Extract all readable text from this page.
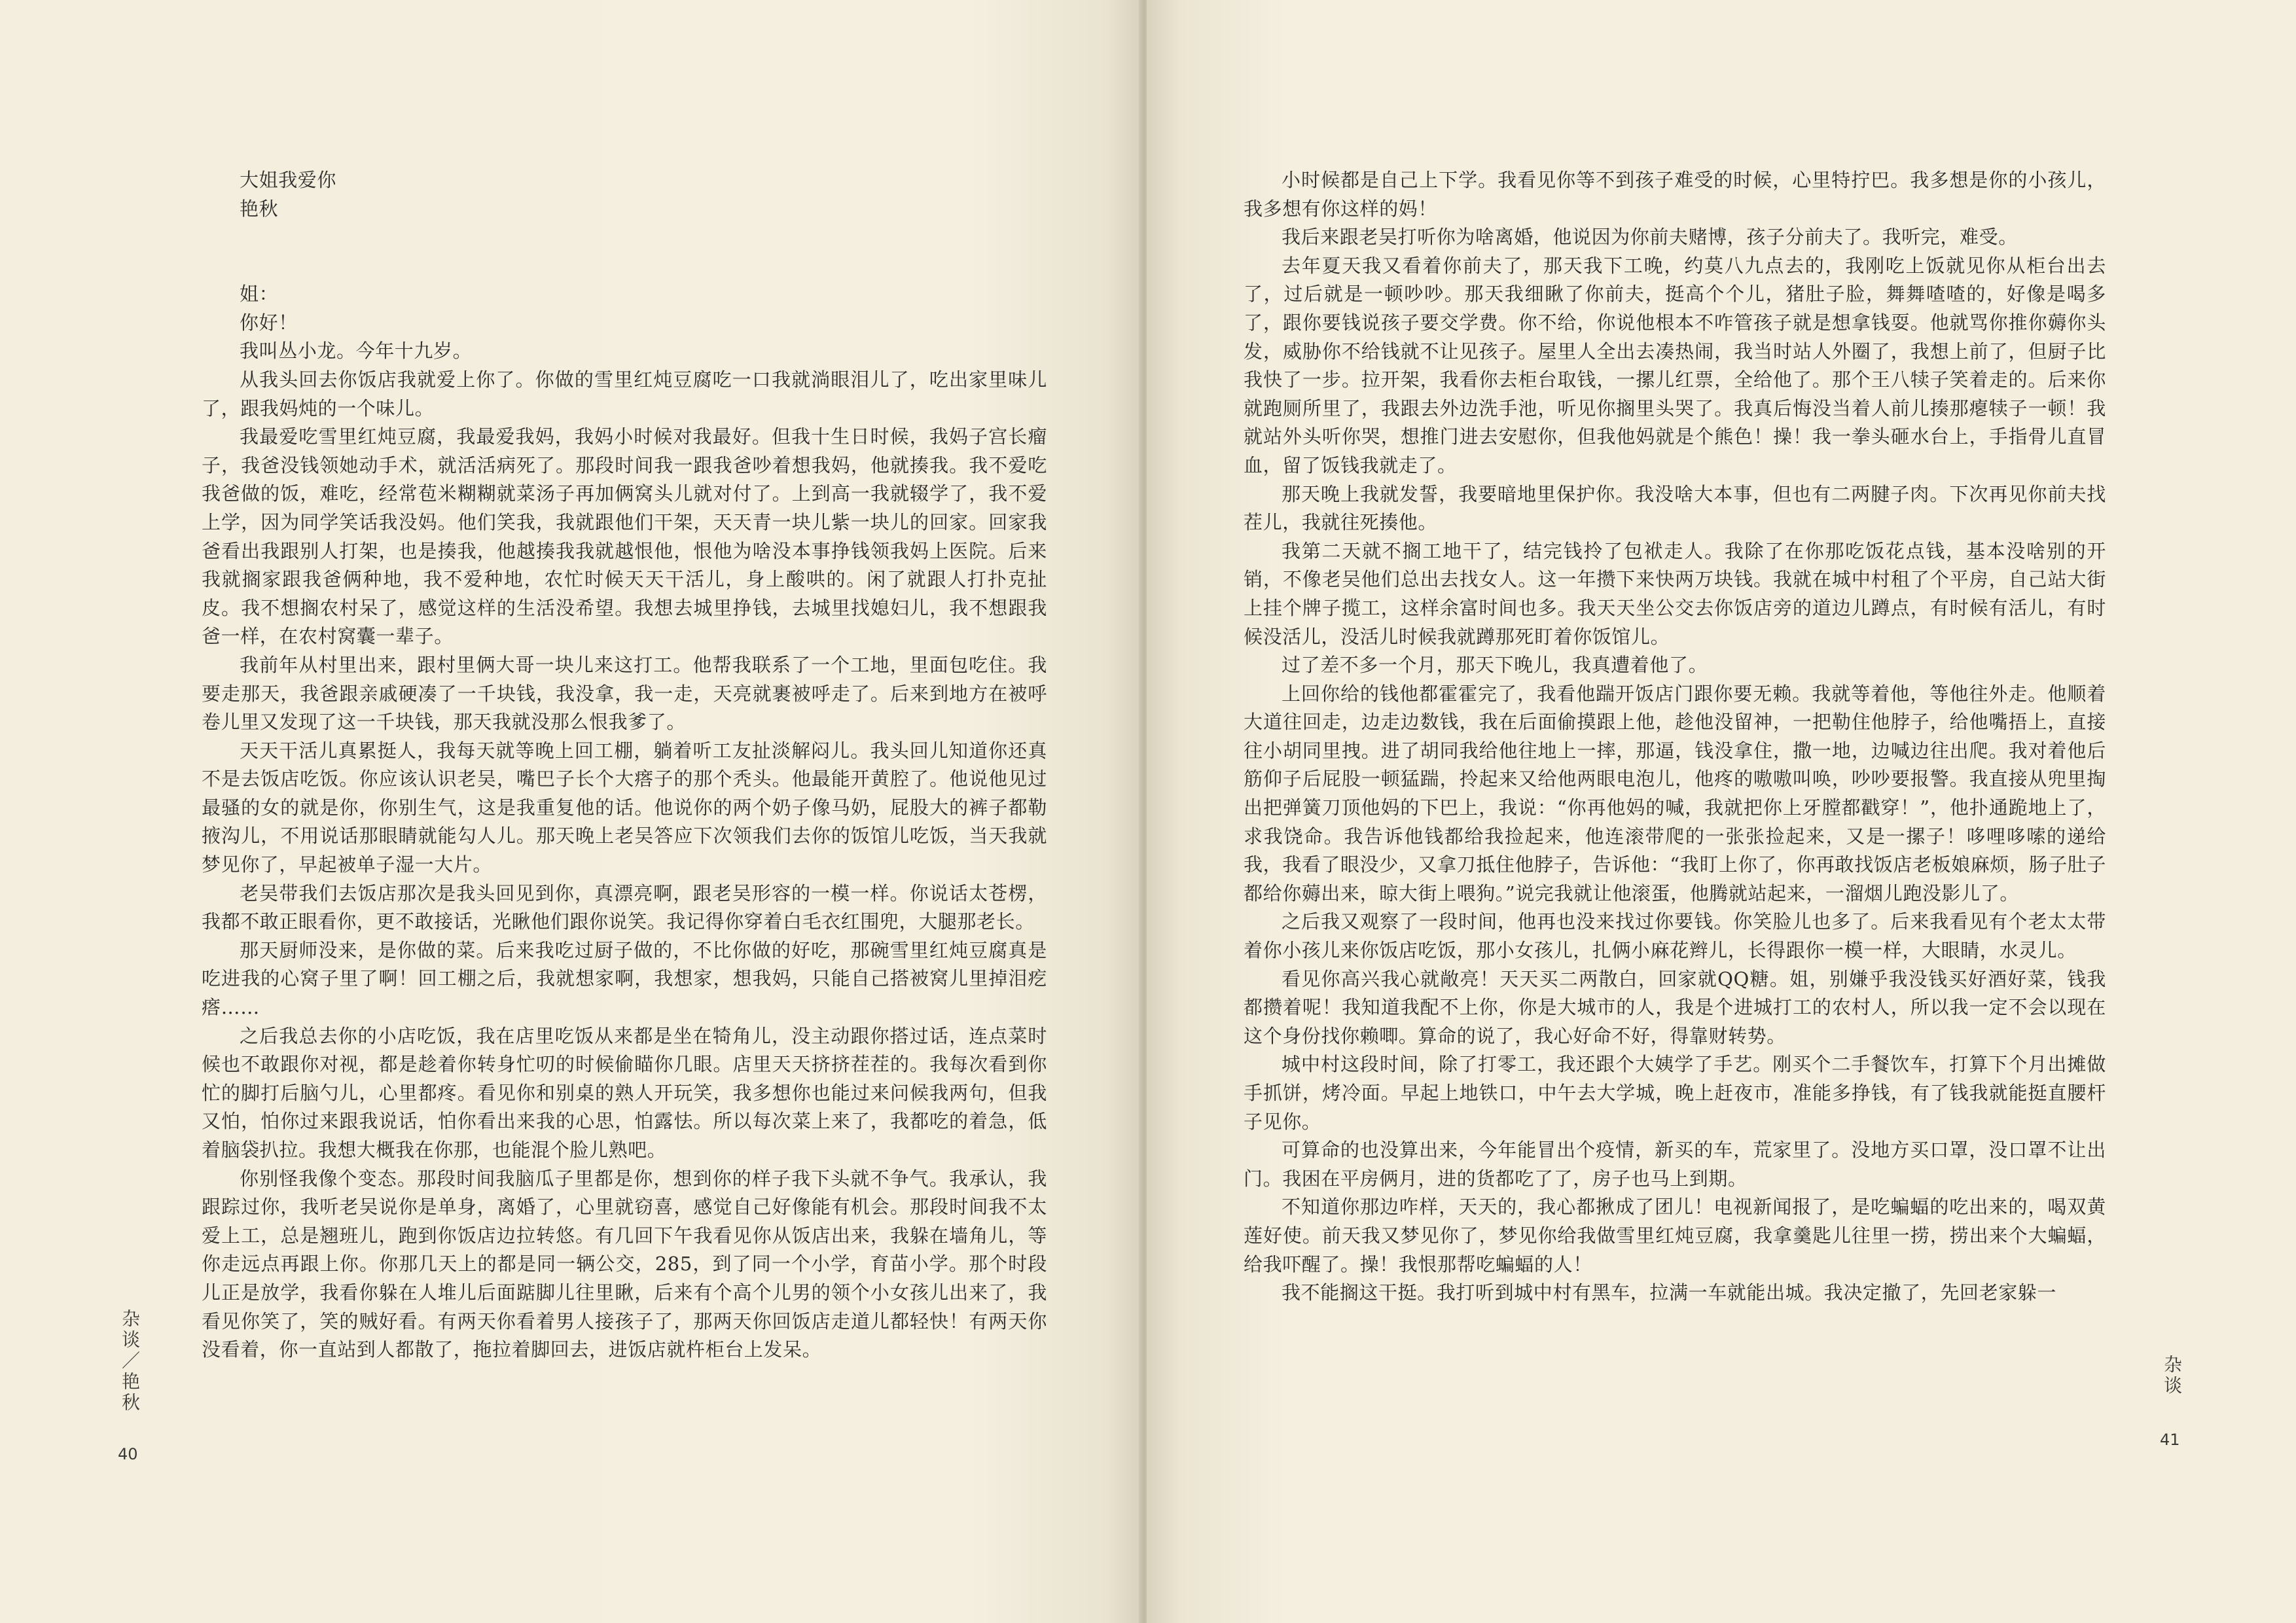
大姐我爱你

艳秋

姐：

你好！

我叫丛小龙。今年十九岁。

从我头回去你饭店我就爱上你了。你做的雪里红炖豆腐吃一口我就淌眼泪儿了，吃出家里味儿了，跟我妈炖的一个味儿。

我最爱吃雪里红炖豆腐，我最爱我妈，我妈小时候对我最好。但我十生日时候，我妈子宫长瘤子，我爸没钱领她动手术，就活活病死了。那段时间我一跟我爸吵着想我妈，他就揍我。我不爱吃我爸做的饭，难吃，经常苞米糊糊就菜汤子再加俩窝头儿就对付了。上到高一我就辍学了，我不爱上学，因为同学笑话我没妈。他们笑我，我就跟他们干架，天天青一块儿紫一块儿的回家。回家我爸看出我跟别人打架，也是揍我，他越揍我我就越恨他，恨他为啥没本事挣钱领我妈上医院。后来我就搁家跟我爸俩种地，我不爱种地，农忙时候天天干活儿，身上酸哄的。闲了就跟人打扑克扯皮。我不想搁农村呆了，感觉这样的生活没希望。我想去城里挣钱，去城里找媳妇儿，我不想跟我爸一样，在农村窝囊一辈子。

我前年从村里出来，跟村里俩大哥一块儿来这打工。他帮我联系了一个工地，里面包吃住。我要走那天，我爸跟亲戚硬凑了一千块钱，我没拿，我一走，天亮就裹被呼走了。后来到地方在被呼卷儿里又发现了这一千块钱，那天我就没那么恨我爹了。

天天干活儿真累挺人，我每天就等晚上回工棚，躺着听工友扯淡解闷儿。我头回儿知道你还真不是去饭店吃饭。你应该认识老吴，嘴巴子长个大瘩子的那个秃头。他最能开黄腔了。他说他见过最骚的女的就是你，你别生气，这是我重复他的话。他说你的两个奶子像马奶，屁股大的裤子都勒掖沟儿，不用说话那眼睛就能勾人儿。那天晚上老吴答应下次领我们去你的饭馆儿吃饭，当天我就梦见你了，早起被单子湿一大片。

老吴带我们去饭店那次是我头回见到你，真漂亮啊，跟老吴形容的一模一样。你说话太苍楞，我都不敢正眼看你，更不敢接话，光瞅他们跟你说笑。我记得你穿着白毛衣红围兜，大腿那老长。

那天厨师没来，是你做的菜。后来我吃过厨子做的，不比你做的好吃，那碗雪里红炖豆腐真是吃进我的心窝子里了啊！回工棚之后，我就想家啊，我想家，想我妈，只能自己搭被窝儿里掉泪疙瘩……

之后我总去你的小店吃饭，我在店里吃饭从来都是坐在犄角儿，没主动跟你搭过话，连点菜时候也不敢跟你对视，都是趁着你转身忙叨的时候偷瞄你几眼。店里天天挤挤茬茬的。我每次看到你忙的脚打后脑勺儿，心里都疼。看见你和别桌的熟人开玩笑，我多想你也能过来问候我两句，但我又怕，怕你过来跟我说话，怕你看出来我的心思，怕露怯。所以每次菜上来了，我都吃的着急，低着脑袋扒拉。我想大概我在你那，也能混个脸儿熟吧。

你别怪我像个变态。那段时间我脑瓜子里都是你，想到你的样子我下头就不争气。我承认，我跟踪过你，我听老吴说你是单身，离婚了，心里就窃喜，感觉自己好像能有机会。那段时间我不太爱上工，总是翘班儿，跑到你饭店边拉转悠。有几回下午我看见你从饭店出来，我躲在墙角儿，等你走远点再跟上你。你那几天上的都是同一辆公交，285，到了同一个小学，育苗小学。那个时段儿正是放学，我看你躲在人堆儿后面踮脚儿往里瞅，后来有个高个儿男的领个小女孩儿出来了，我看见你笑了，笑的贼好看。有两天你看着男人接孩子了，那两天你回饭店走道儿都轻快！有两天你没看着，你一直站到人都散了，拖拉着脚回去，进饭店就杵柜台上发呆。

杂谈／艳秋
40

小时候都是自己上下学。我看见你等不到孩子难受的时候，心里特拧巴。我多想是你的小孩儿，我多想有你这样的妈！

我后来跟老吴打听你为啥离婚，他说因为你前夫赌博，孩子分前夫了。我听完，难受。

去年夏天我又看着你前夫了，那天我下工晚，约莫八九点去的，我刚吃上饭就见你从柜台出去了，过后就是一顿吵吵。那天我细瞅了你前夫，挺高个个儿，猪肚子脸，舞舞喳喳的，好像是喝多了，跟你要钱说孩子要交学费。你不给，你说他根本不咋管孩子就是想拿钱耍。他就骂你推你薅你头发，威胁你不给钱就不让见孩子。屋里人全出去凑热闹，我当时站人外圈了，我想上前了，但厨子比我快了一步。拉开架，我看你去柜台取钱，一摞儿红票，全给他了。那个王八犊子笑着走的。后来你就跑厕所里了，我跟去外边洗手池，听见你搁里头哭了。我真后悔没当着人前儿揍那瘪犊子一顿！我就站外头听你哭，想推门进去安慰你，但我他妈就是个熊色！操！我一拳头砸水台上，手指骨儿直冒血，留了饭钱我就走了。

那天晚上我就发誓，我要暗地里保护你。我没啥大本事，但也有二两腱子肉。下次再见你前夫找茬儿，我就往死揍他。

我第二天就不搁工地干了，结完钱拎了包袱走人。我除了在你那吃饭花点钱，基本没啥别的开销，不像老吴他们总出去找女人。这一年攒下来快两万块钱。我就在城中村租了个平房，自己站大街上挂个牌子揽工，这样余富时间也多。我天天坐公交去你饭店旁的道边儿蹲点，有时候有活儿，有时候没活儿，没活儿时候我就蹲那死盯着你饭馆儿。

过了差不多一个月，那天下晚儿，我真遭着他了。

上回你给的钱他都霍霍完了，我看他踹开饭店门跟你要无赖。我就等着他，等他往外走。他顺着大道往回走，边走边数钱，我在后面偷摸跟上他，趁他没留神，一把勒住他脖子，给他嘴捂上，直接往小胡同里拽。进了胡同我给他往地上一摔，那逼，钱没拿住，撒一地，边喊边往出爬。我对着他后筋仰子后屁股一顿猛踹，拎起来又给他两眼电泡儿，他疼的嗷嗷叫唤，吵吵要报警。我直接从兜里掏出把弹簧刀顶他妈的下巴上，我说：“你再他妈的喊，我就把你上牙膛都戳穿！”，他扑通跪地上了，求我饶命。我告诉他钱都给我捡起来，他连滚带爬的一张张捡起来，又是一摞子！哆哩哆嗦的递给我，我看了眼没少，又拿刀抵住他脖子，告诉他：“我盯上你了，你再敢找饭店老板娘麻烦，肠子肚子都给你薅出来，晾大街上喂狗。”说完我就让他滚蛋，他腾就站起来，一溜烟儿跑没影儿了。

之后我又观察了一段时间，他再也没来找过你要钱。你笑脸儿也多了。后来我看见有个老太太带着你小孩儿来你饭店吃饭，那小女孩儿，扎俩小麻花辫儿，长得跟你一模一样，大眼睛，水灵儿。

看见你高兴我心就敞亮！天天买二两散白，回家就QQ糖。姐，别嫌乎我没钱买好酒好菜，钱我都攒着呢！我知道我配不上你，你是大城市的人，我是个进城打工的农村人，所以我一定不会以现在这个身份找你赖唧。算命的说了，我心好命不好，得靠财转势。

城中村这段时间，除了打零工，我还跟个大姨学了手艺。刚买个二手餐饮车，打算下个月出摊做手抓饼，烤冷面。早起上地铁口，中午去大学城，晚上赶夜市，准能多挣钱，有了钱我就能挺直腰杆子见你。

可算命的也没算出来，今年能冒出个疫情，新买的车，荒家里了。没地方买口罩，没口罩不让出门。我困在平房俩月，进的货都吃了了，房子也马上到期。

不知道你那边咋样，天天的，我心都揪成了团儿！电视新闻报了，是吃蝙蝠的吃出来的，喝双黄莲好使。前天我又梦见你了，梦见你给我做雪里红炖豆腐，我拿羹匙儿往里一捞，捞出来个大蝙蝠，给我吓醒了。操！我恨那帮吃蝙蝠的人！

我不能搁这干挺。我打听到城中村有黑车，拉满一车就能出城。我决定撤了，先回老家躲一

杂谈
41
